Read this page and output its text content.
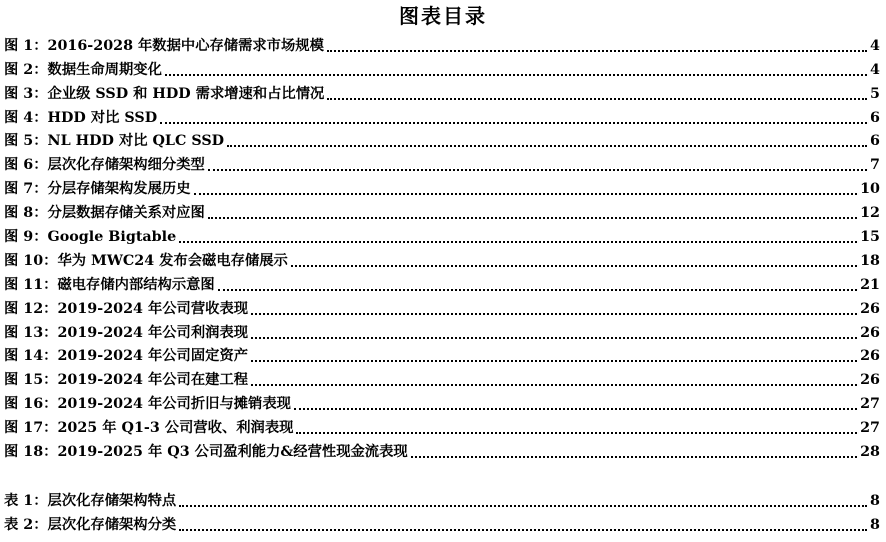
图表目录
图 1：2016-2028 年数据中心存储需求市场规模	4
图 2：数据生命周期变化	4
图 3：企业级 SSD 和 HDD 需求增速和占比情况	5
图 4：HDD 对比 SSD	6
图 5：NL HDD 对比 QLC SSD	6
图 6：层次化存储架构细分类型	7
图 7：分层存储架构发展历史	10
图 8：分层数据存储关系对应图	12
图 9：Google Bigtable	15
图 10：华为 MWC24 发布会磁电存储展示	18
图 11：磁电存储内部结构示意图	21
图 12：2019-2024 年公司营收表现	26
图 13：2019-2024 年公司利润表现	26
图 14：2019-2024 年公司固定资产	26
图 15：2019-2024 年公司在建工程	26
图 16：2019-2024 年公司折旧与摊销表现	27
图 17：2025 年 Q1-3 公司营收、利润表现	27
图 18：2019-2025 年 Q3 公司盈利能力&经营性现金流表现	28
表 1：层次化存储架构特点	8
表 2：层次化存储架构分类	8
